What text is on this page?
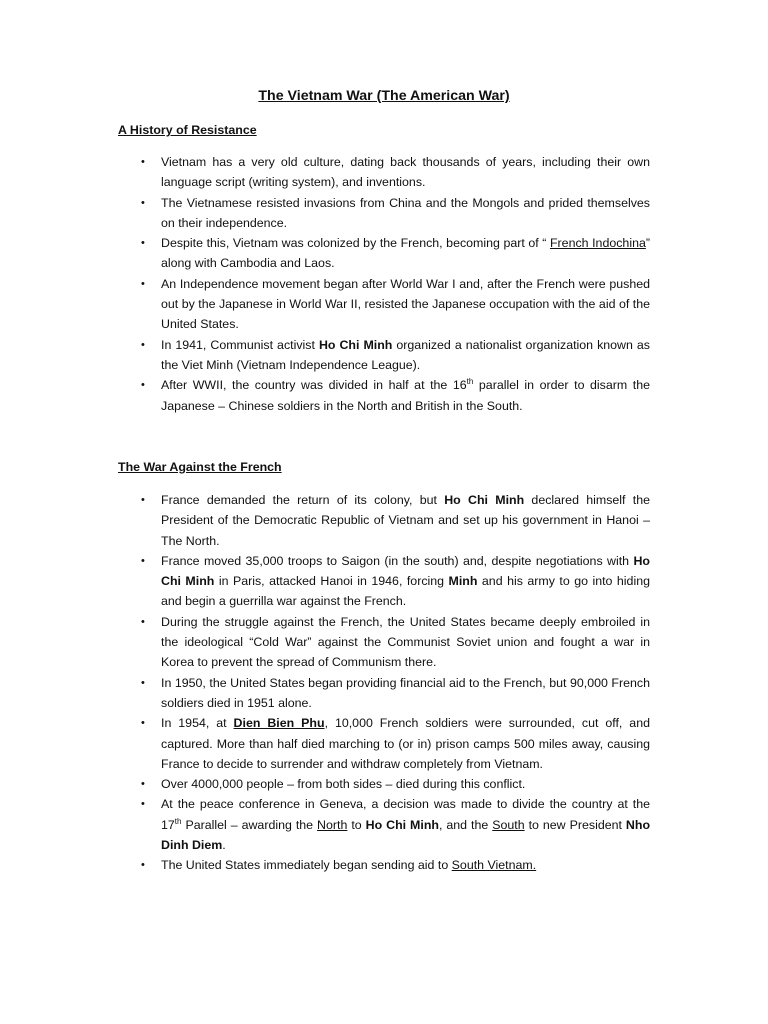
The Vietnam War (The American War)
A History of Resistance
• Vietnam has a very old culture, dating back thousands of years, including their own language script (writing system), and inventions.
• The Vietnamese resisted invasions from China and the Mongols and prided themselves on their independence.
• Despite this, Vietnam was colonized by the French, becoming part of “ French Indochina” along with Cambodia and Laos.
• An Independence movement began after World War I and, after the French were pushed out by the Japanese in World War II, resisted the Japanese occupation with the aid of the United States.
• In 1941, Communist activist Ho Chi Minh organized a nationalist organization known as the Viet Minh (Vietnam Independence League).
• After WWII, the country was divided in half at the 16th parallel in order to disarm the Japanese – Chinese soldiers in the North and British in the South.
The War Against the French
• France demanded the return of its colony, but Ho Chi Minh declared himself the President of the Democratic Republic of Vietnam and set up his government in Hanoi – The North.
• France moved 35,000 troops to Saigon (in the south) and, despite negotiations with Ho Chi Minh in Paris, attacked Hanoi in 1946, forcing Minh and his army to go into hiding and begin a guerrilla war against the French.
• During the struggle against the French, the United States became deeply embroiled in the ideological “Cold War” against the Communist Soviet union and fought a war in Korea to prevent the spread of Communism there.
• In 1950, the United States began providing financial aid to the French, but 90,000 French soldiers died in 1951 alone.
• In 1954, at Dien Bien Phu, 10,000 French soldiers were surrounded, cut off, and captured. More than half died marching to (or in) prison camps 500 miles away, causing France to decide to surrender and withdraw completely from Vietnam.
• Over 4000,000 people – from both sides – died during this conflict.
• At the peace conference in Geneva, a decision was made to divide the country at the 17th Parallel – awarding the North to Ho Chi Minh, and the South to new President Nho Dinh Diem.
• The United States immediately began sending aid to South Vietnam.
